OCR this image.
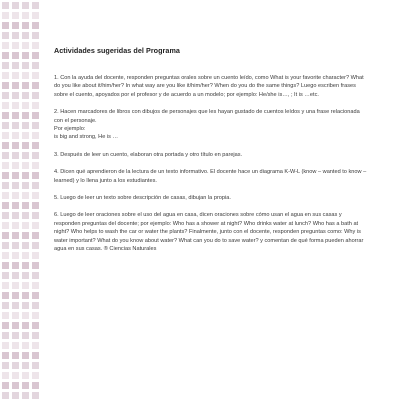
Actividades sugeridas del Programa

1. Con la ayuda del docente, responden preguntas orales sobre un cuento leído, como What is your favorite character? What do you like about it/him/her? In what way are you like it/him/her? When do you do the same things? Luego escriben frases sobre el cuento, apoyados por el profesor y de acuerdo a un modelo; por ejemplo: He/she is…, ; It is …etc.

2. Hacen marcadores de libros con dibujos de personajes que les hayan gustado de cuentos leídos y una frase relacionada con el personaje.
Por ejemplo:
is big and strong, He is …

3. Después de leer un cuento, elaboran otra portada y otro título en parejas.

4. Dicen qué aprendieron de la lectura de un texto informativo. El docente hace un diagrama K-W-L (know – wanted to know – learned) y lo llena junto a los estudiantes.

5. Luego de leer un texto sobre descripción de casas, dibujan la propia.

6. Luego de leer oraciones sobre el uso del agua en casa, dicen oraciones sobre cómo usan el agua en sus casas y responden preguntas del docente; por ejemplo: Who has a shower at night? Who drinks water at lunch? Who has a bath at night? Who helps to wash the car or water the plants? Finalmente, junto con el docente, responden preguntas como: Why is water important? What do you know about water? What can you do to save water? y comentan de qué forma pueden ahorrar agua en sus casas. ® Ciencias Naturales
